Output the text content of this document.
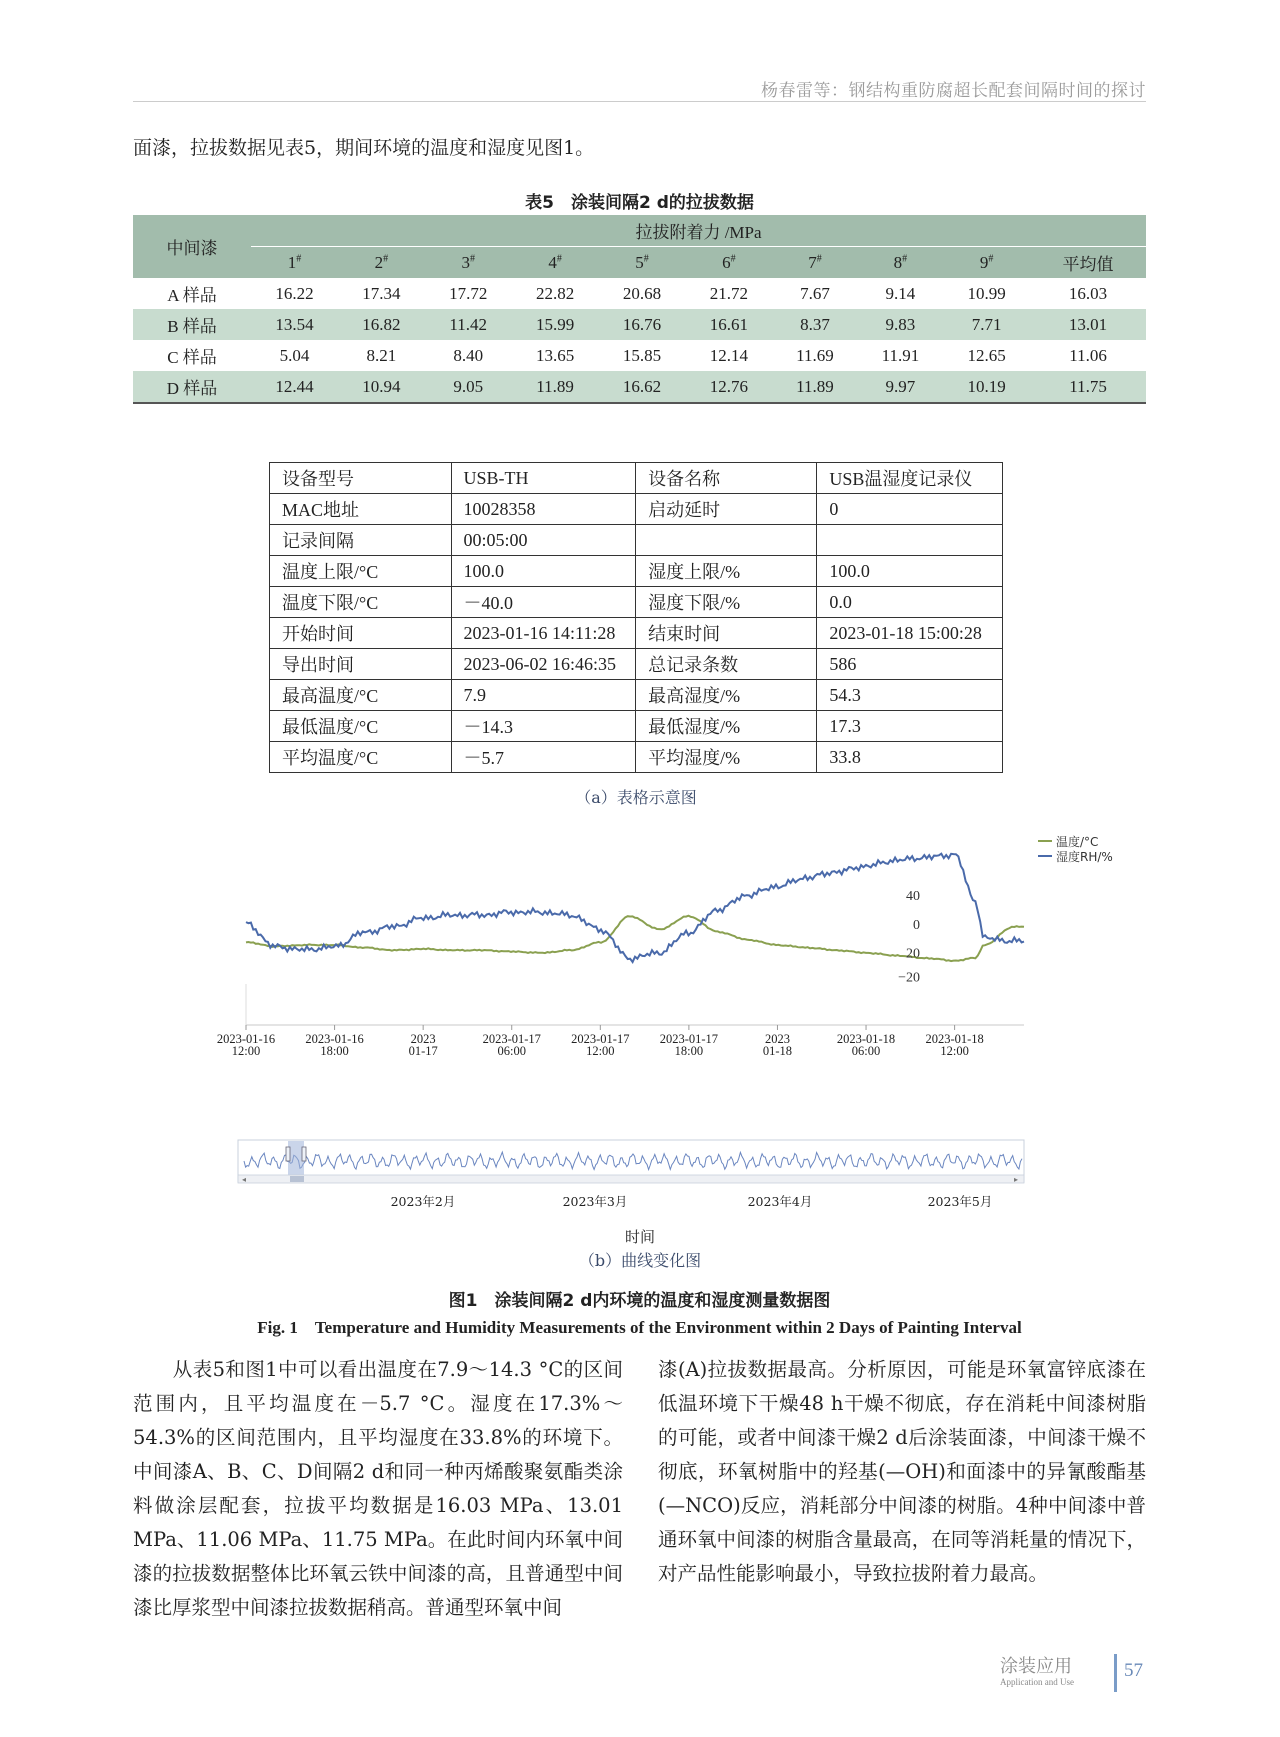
杨春雷等：钢结构重防腐超长配套间隔时间的探讨
面漆，拉拔数据见表5，期间环境的温度和湿度见图1。
表5　涂装间隔2 d的拉拔数据
中间漆	拉拔附着力 /MPa									
	1#	2#	3#	4#	5#	6#	7#	8#	9#	平均值
A 样品	16.22	17.34	17.72	22.82	20.68	21.72	7.67	9.14	10.99	16.03
B 样品	13.54	16.82	11.42	15.99	16.76	16.61	8.37	9.83	7.71	13.01
C 样品	5.04	8.21	8.40	13.65	15.85	12.14	11.69	11.91	12.65	11.06
D 样品	12.44	10.94	9.05	11.89	16.62	12.76	11.89	9.97	10.19	11.75
设备型号	USB-TH	设备名称	USB温湿度记录仪
MAC地址	10028358	启动延时	0
记录间隔	00:05:00		
温度上限/°C	100.0	湿度上限/%	100.0
温度下限/°C	－40.0	湿度下限/%	0.0
开始时间	2023-01-16 14:11:28	结束时间	2023-01-18 15:00:28
导出时间	2023-06-02 16:46:35	总记录条数	586
最高温度/°C	7.9	最高湿度/%	54.3
最低温度/°C	－14.3	最低湿度/%	17.3
平均温度/°C	－5.7	平均湿度/%	33.8
（a）表格示意图
40
20
0
−20
2023-01-16
12:00
2023-01-16
18:00
2023
01-17
2023-01-17
06:00
2023-01-17
12:00
2023-01-17
18:00
2023
01-18
2023-01-18
06:00
2023-01-18
12:00
温度/°C
湿度RH/%
◂	▸
2023年2月	2023年3月	2023年4月	2023年5月
时间
（b）曲线变化图
图1　涂装间隔2 d内环境的温度和湿度测量数据图
Fig. 1　Temperature and Humidity Measurements of the Environment within 2 Days of Painting Interval
　　从表5和图1中可以看出温度在7.9～14.3 °C的区间范围内，且平均温度在－5.7 °C。湿度在17.3%～54.3%的区间范围内，且平均湿度在33.8%的环境下。中间漆A、B、C、D间隔2 d和同一种丙烯酸聚氨酯类涂料做涂层配套，拉拔平均数据是16.03 MPa、13.01 MPa、11.06 MPa、11.75 MPa。在此时间内环氧中间漆的拉拔数据整体比环氧云铁中间漆的高，且普通型中间漆比厚浆型中间漆拉拔数据稍高。普通型环氧中间
漆(A)拉拔数据最高。分析原因，可能是环氧富锌底漆在低温环境下干燥48 h干燥不彻底，存在消耗中间漆树脂的可能，或者中间漆干燥2 d后涂装面漆，中间漆干燥不彻底，环氧树脂中的羟基(—OH)和面漆中的异氰酸酯基(—NCO)反应，消耗部分中间漆的树脂。4种中间漆中普通环氧中间漆的树脂含量最高，在同等消耗量的情况下，对产品性能影响最小，导致拉拔附着力最高。
涂装应用
Application and Use
57
